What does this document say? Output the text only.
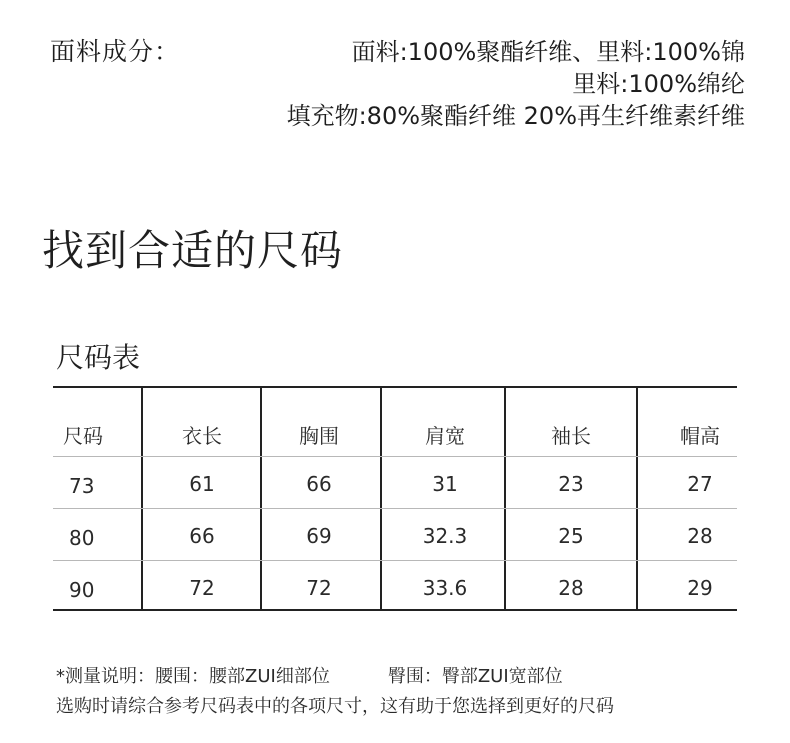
面料成分：	面料:100%聚酯纤维、里料:100%锦
里料:100%绵纶
填充物:80%聚酯纤维 20%再生纤维素纤维
找到合适的尺码
尺码表
尺码	衣长	胸围	肩宽	袖长	帽高
73	61	66	31	23	27
80	66	69	32.3	25	28
90	72	72	33.6	28	29
*测量说明：腰围：腰部ZUI细部位	臀围：臀部ZUI宽部位
选购时请综合参考尺码表中的各项尺寸，这有助于您选择到更好的尺码
